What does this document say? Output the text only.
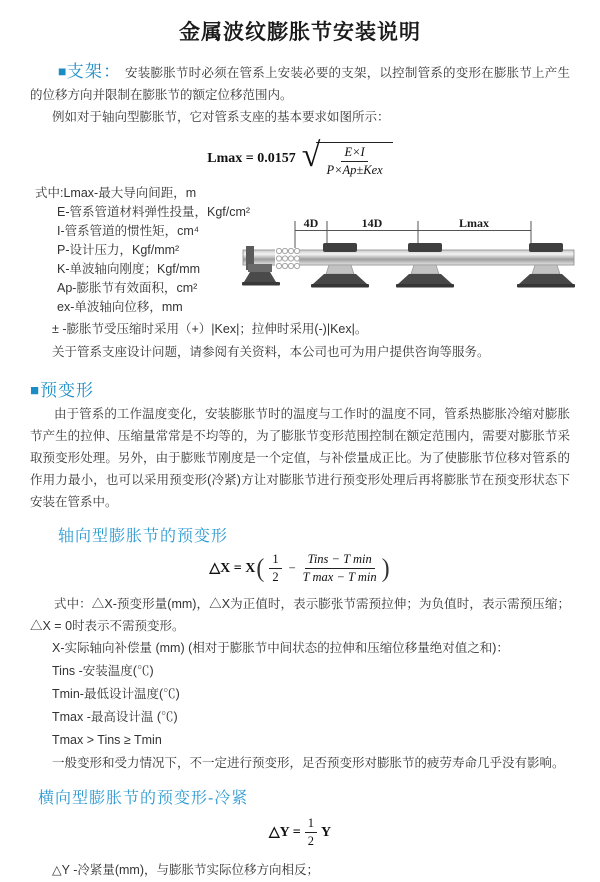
金属波纹膨胀节安装说明

■支架： 安装膨胀节时必须在管系上安装必要的支架，以控制管系的变形在膨胀节上产生的位移方向并限制在膨胀节的额定位移范围内。

例如对于轴向型膨胀节，它对管系支座的基本要求如图所示：
Lmax = 0.0157 √ $\frac{E\times I}{\text{P×Ap±Kex}}$
式中:Lmax-最大导向间距，m
E-管系管道材料弹性投量，Kgf/cm²
I-管系管道的惯性矩，cm⁴
P-设计压力，Kgf/mm²
K-单波轴向刚度；Kgf/mm
Ap-膨胀节有效面积，cm²
ex-单波轴向位移，mm
4D	14D	Lmax
± -膨胀节受压缩时采用（+）|Kex|；拉伸时采用(-)|Kex|。
关于管系支座设计问题，请参阅有关资料，本公司也可为用户提供咨询等服务。
■预变形

由于管系的工作温度变化，安装膨胀节时的温度与工作时的温度不同，管系热膨胀冷缩对膨胀节产生的拉伸、压缩量常常是不均等的，为了膨胀节变形范围控制在额定范围内，需要对膨胀节采取预变形处理。另外，由于膨账节刚度是一个定值，与补偿量成正比。为了使膨胀节位移对管系的作用力最小，也可以采用预变形(冷紧)方让对膨胀节进行预变形处理后再将膨胀节在预变形状态下安装在管系中。

轴向型膨胀节的预变形
△X = X ( $\frac{1}{2} - \frac{\text{Tins − T min}}{\text{T max − T min}}$ )

式中：△X-预变形量(mm)，△X为正值时，表示膨张节需预拉伸；为负值时，表示需预压缩；△X = 0时表示不需预变形。

X-实际轴向补偿量 (mm) (相对于膨胀节中间状态的拉伸和压缩位移量绝对值之和)：
Tins -安装温度(℃)
Tmin-最低设计温度(℃)
Tmax -最高设计温 (℃)
Tmax > Tins ≥ Tmin
一般变形和受力情况下，不一定进行预变形，足否预变形对膨胀节的疲劳寿命几乎没有影响。
横向型膨胀节的预变形-冷紧
△Y = $\frac{1}{2}$ Y
△Y -冷紧量(mm)，与膨胀节实际位移方向相反；
